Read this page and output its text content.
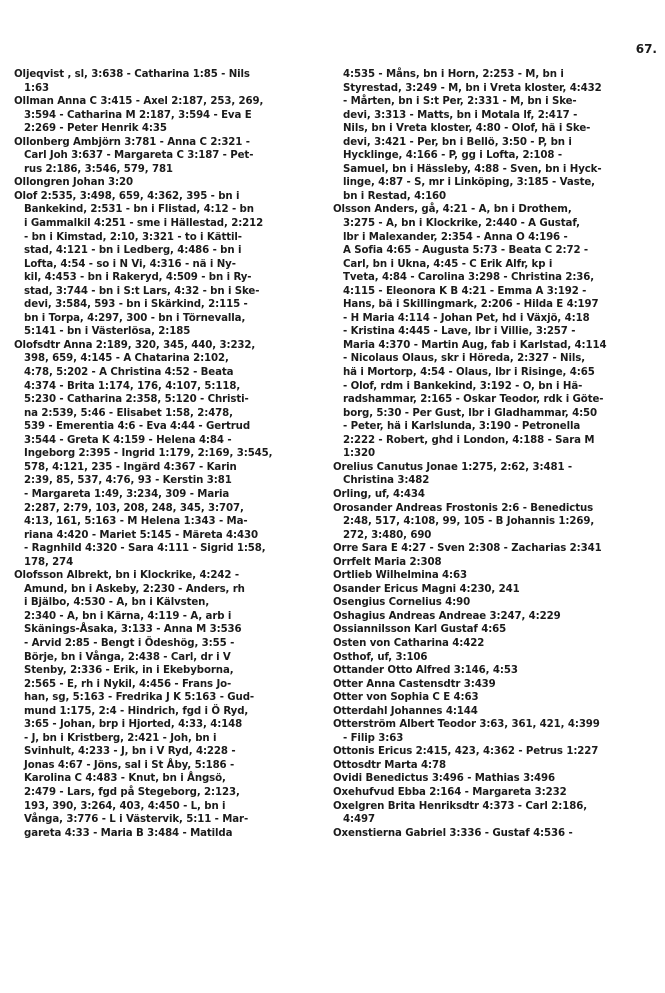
67.
Oljeqvist , sl, 3:638 - Catharina 1:85 - Nils
1:63
Ollman Anna C 3:415 - Axel 2:187, 253, 269,
3:594 - Catharina M 2:187, 3:594 - Eva E
2:269 - Peter Henrik 4:35
Ollonberg Ambjörn 3:781 - Anna C 2:321 -
Carl Joh 3:637 - Margareta C 3:187 - Pet-
rus 2:186, 3:546, 579, 781
Ollongren Johan 3:20
Olof 2:535, 3:498, 659, 4:362, 395 - bn i
Bankekind, 2:531 - bn i Flistad, 4:12 - bn
i Gammalkil 4:251 - sme i Hällestad, 2:212
- bn i Kimstad, 2:10, 3:321 - to i Kättil-
stad, 4:121 - bn i Ledberg, 4:486 - bn i
Lofta, 4:54 - so i N Vi, 4:316 - nä i Ny-
kil, 4:453 - bn i Rakeryd, 4:509 - bn i Ry-
stad, 3:744 - bn i S:t Lars, 4:32 - bn i Ske-
devi, 3:584, 593 - bn i Skärkind, 2:115 -
bn i Torpa, 4:297, 300 - bn i Törnevalla,
5:141 - bn i Västerlösa, 2:185
Olofsdtr Anna 2:189, 320, 345, 440, 3:232,
398, 659, 4:145 - A Chatarina 2:102,
4:78, 5:202 - A Christina 4:52 - Beata
4:374 - Brita 1:174, 176, 4:107, 5:118,
5:230 - Catharina 2:358, 5:120 - Christi-
na 2:539, 5:46 - Elisabet 1:58, 2:478,
539 - Emerentia 4:6 - Eva 4:44 - Gertrud
3:544 - Greta K 4:159 - Helena 4:84 -
Ingeborg 2:395 - Ingrid 1:179, 2:169, 3:545,
578, 4:121, 235 - Ingärd 4:367 - Karin
2:39, 85, 537, 4:76, 93 - Kerstin 3:81
- Margareta 1:49, 3:234, 309 - Maria
2:287, 2:79, 103, 208, 248, 345, 3:707,
4:13, 161, 5:163 - M Helena 1:343 - Ma-
riana 4:420 - Mariet 5:145 - Märeta 4:430
- Ragnhild 4:320 - Sara 4:111 - Sigrid 1:58,
178, 274
Olofsson Albrekt, bn i Klockrike, 4:242 -
Amund, bn i Askeby, 2:230 - Anders, rh
i Bjälbo, 4:530 - A, bn i Kälvsten,
2:340 - A, bn i Kärna, 4:119 - A, arb i
Skänings-Åsaka, 3:133 - Anna M 3:536
- Arvid 2:85 - Bengt i Ödeshög, 3:55 -
Börje, bn i Vånga, 2:438 - Carl, dr i V
Stenby, 2:336 - Erik, in i Ekebyborna,
2:565 - E, rh i Nykil, 4:456 - Frans Jo-
han, sg, 5:163 - Fredrika J K 5:163 - Gud-
mund 1:175, 2:4 - Hindrich, fgd i Ö Ryd,
3:65 - Johan, brp i Hjorted, 4:33, 4:148
- J, bn i Kristberg, 2:421 - Joh, bn i
Svinhult, 4:233 - J, bn i V Ryd, 4:228 -
Jonas 4:67 - Jöns, sal i St Åby, 5:186 -
Karolina C 4:483 - Knut, bn i Ångsö,
2:479 - Lars, fgd på Stegeborg, 2:123,
193, 390, 3:264, 403, 4:450 - L, bn i
Vånga, 3:776 - L i Västervik, 5:11 - Mar-
gareta 4:33 - Maria B 3:484 - Matilda
4:535 - Måns, bn i Horn, 2:253 - M, bn i
Styrestad, 3:249 - M, bn i Vreta kloster, 4:432
- Mårten, bn i S:t Per, 2:331 - M, bn i Ske-
devi, 3:313 - Matts, bn i Motala lf, 2:417 -
Nils, bn i Vreta kloster, 4:80 - Olof, hä i Ske-
devi, 3:421 - Per, bn i Bellö, 3:50 - P, bn i
Hycklinge, 4:166 - P, gg i Lofta, 2:108 -
Samuel, bn i Hässleby, 4:88 - Sven, bn i Hyck-
linge, 4:87 - S, mr i Linköping, 3:185 - Vaste,
bn i Restad, 4:160
Olsson Anders, gå, 4:21 - A, bn i Drothem,
3:275 - A, bn i Klockrike, 2:440 - A Gustaf,
lbr i Malexander, 2:354 - Anna O 4:196 -
A Sofia 4:65 - Augusta 5:73 - Beata C 2:72 -
Carl, bn i Ukna, 4:45 - C Erik Alfr, kp i
Tveta, 4:84 - Carolina 3:298 - Christina 2:36,
4:115 - Eleonora K B 4:21 - Emma A 3:192 -
Hans, bä i Skillingmark, 2:206 - Hilda E 4:197
- H Maria 4:114 - Johan Pet, hd i Växjö, 4:18
- Kristina 4:445 - Lave, lbr i Villie, 3:257 -
Maria 4:370 - Martin Aug, fab i Karlstad, 4:114
- Nicolaus Olaus, skr i Höreda, 2:327 - Nils,
hä i Mortorp, 4:54 - Olaus, lbr i Risinge, 4:65
- Olof, rdm i Bankekind, 3:192 - O, bn i Hä-
radshammar, 2:165 - Oskar Teodor, rdk i Göte-
borg, 5:30 - Per Gust, lbr i Gladhammar, 4:50
- Peter, hä i Karlslunda, 3:190 - Petronella
2:222 - Robert, ghd i London, 4:188 - Sara M
1:320
Orelius Canutus Jonae 1:275, 2:62, 3:481 -
Christina 3:482
Orling, uf, 4:434
Orosander Andreas Frostonis 2:6 - Benedictus
2:48, 517, 4:108, 99, 105 - B Johannis 1:269,
272, 3:480, 690
Orre Sara E 4:27 - Sven 2:308 - Zacharias 2:341
Orrfelt Maria 2:308
Ortlieb Wilhelmina 4:63
Osander Ericus Magni 4:230, 241
Osengius Cornelius 4:90
Oshagius Andreas Andreae 3:247, 4:229
Ossiannilsson Karl Gustaf 4:65
Osten von Catharina 4:422
Osthof, uf, 3:106
Ottander Otto Alfred 3:146, 4:53
Otter Anna Castensdtr 3:439
Otter von Sophia C E 4:63
Otterdahl Johannes 4:144
Otterström Albert Teodor 3:63, 361, 421, 4:399
- Filip 3:63
Ottonis Ericus 2:415, 423, 4:362 - Petrus 1:227
Ottosdtr Marta 4:78
Ovidi Benedictus 3:496 - Mathias 3:496
Oxehufvud Ebba 2:164 - Margareta 3:232
Oxelgren Brita Henriksdtr 4:373 - Carl 2:186,
4:497
Oxenstierna Gabriel 3:336 - Gustaf 4:536 -
